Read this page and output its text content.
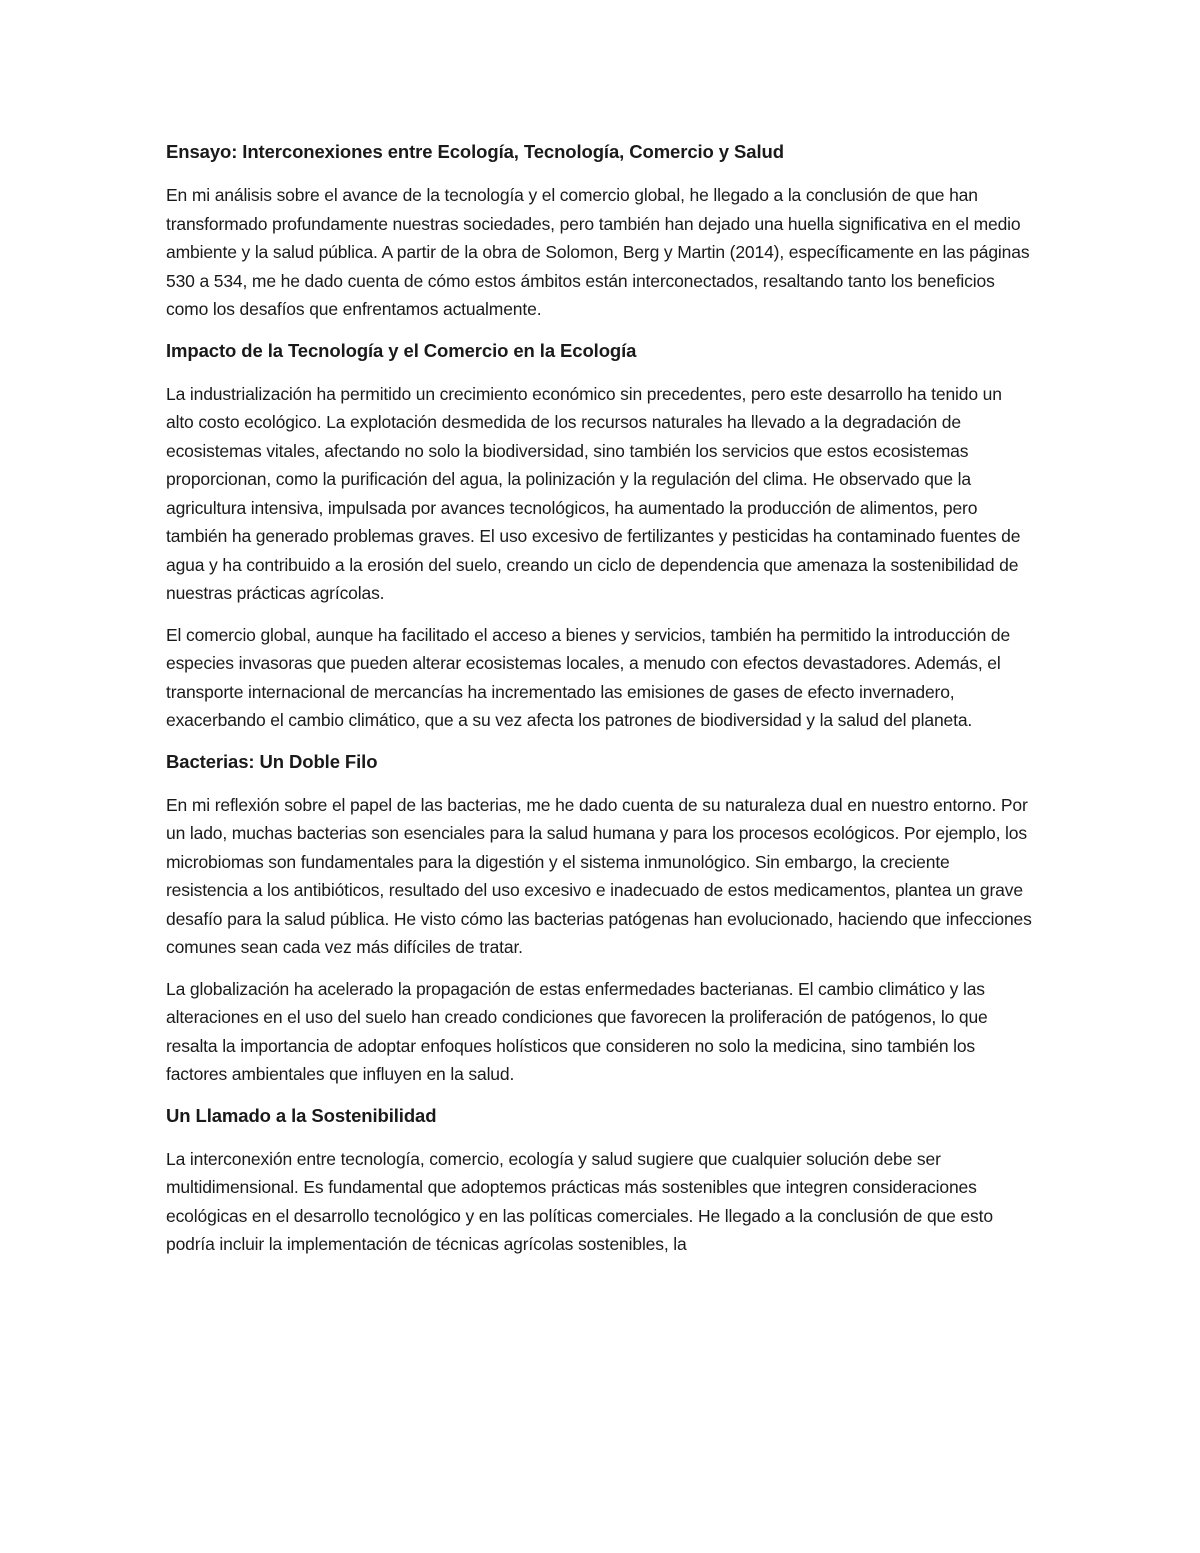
Ensayo: Interconexiones entre Ecología, Tecnología, Comercio y Salud

En mi análisis sobre el avance de la tecnología y el comercio global, he llegado a la conclusión de que han transformado profundamente nuestras sociedades, pero también han dejado una huella significativa en el medio ambiente y la salud pública. A partir de la obra de Solomon, Berg y Martin (2014), específicamente en las páginas 530 a 534, me he dado cuenta de cómo estos ámbitos están interconectados, resaltando tanto los beneficios como los desafíos que enfrentamos actualmente.

Impacto de la Tecnología y el Comercio en la Ecología

La industrialización ha permitido un crecimiento económico sin precedentes, pero este desarrollo ha tenido un alto costo ecológico. La explotación desmedida de los recursos naturales ha llevado a la degradación de ecosistemas vitales, afectando no solo la biodiversidad, sino también los servicios que estos ecosistemas proporcionan, como la purificación del agua, la polinización y la regulación del clima. He observado que la agricultura intensiva, impulsada por avances tecnológicos, ha aumentado la producción de alimentos, pero también ha generado problemas graves. El uso excesivo de fertilizantes y pesticidas ha contaminado fuentes de agua y ha contribuido a la erosión del suelo, creando un ciclo de dependencia que amenaza la sostenibilidad de nuestras prácticas agrícolas.

El comercio global, aunque ha facilitado el acceso a bienes y servicios, también ha permitido la introducción de especies invasoras que pueden alterar ecosistemas locales, a menudo con efectos devastadores. Además, el transporte internacional de mercancías ha incrementado las emisiones de gases de efecto invernadero, exacerbando el cambio climático, que a su vez afecta los patrones de biodiversidad y la salud del planeta.

Bacterias: Un Doble Filo

En mi reflexión sobre el papel de las bacterias, me he dado cuenta de su naturaleza dual en nuestro entorno. Por un lado, muchas bacterias son esenciales para la salud humana y para los procesos ecológicos. Por ejemplo, los microbiomas son fundamentales para la digestión y el sistema inmunológico. Sin embargo, la creciente resistencia a los antibióticos, resultado del uso excesivo e inadecuado de estos medicamentos, plantea un grave desafío para la salud pública. He visto cómo las bacterias patógenas han evolucionado, haciendo que infecciones comunes sean cada vez más difíciles de tratar.

La globalización ha acelerado la propagación de estas enfermedades bacterianas. El cambio climático y las alteraciones en el uso del suelo han creado condiciones que favorecen la proliferación de patógenos, lo que resalta la importancia de adoptar enfoques holísticos que consideren no solo la medicina, sino también los factores ambientales que influyen en la salud.

Un Llamado a la Sostenibilidad

La interconexión entre tecnología, comercio, ecología y salud sugiere que cualquier solución debe ser multidimensional. Es fundamental que adoptemos prácticas más sostenibles que integren consideraciones ecológicas en el desarrollo tecnológico y en las políticas comerciales. He llegado a la conclusión de que esto podría incluir la implementación de técnicas agrícolas sostenibles, la
